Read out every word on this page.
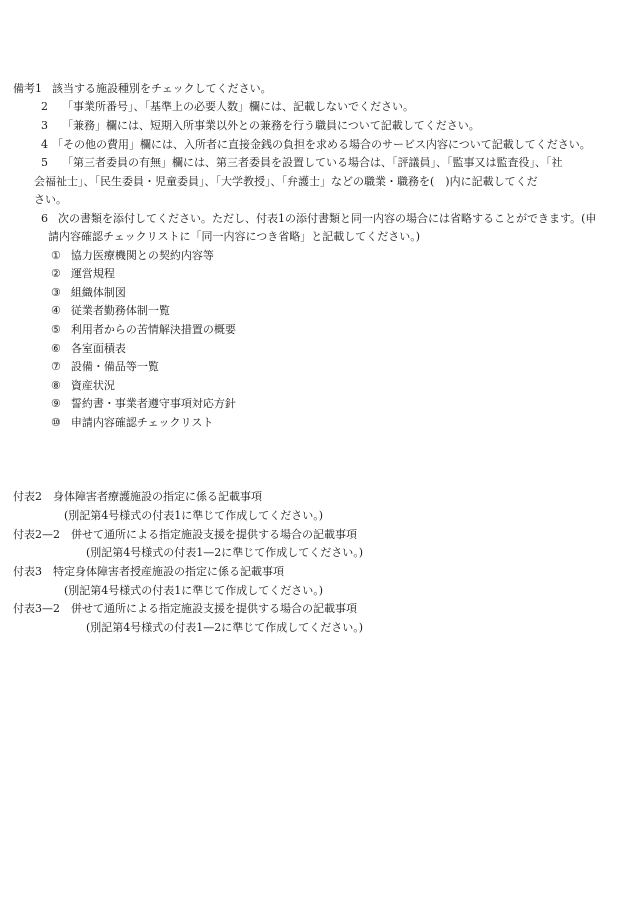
備考1 該当する施設種別をチェックしてください。
2 「事業所番号」、「基準上の必要人数」欄には、記載しないでください。
3 「兼務」欄には、短期入所事業以外との兼務を行う職員について記載してください。
4 「その他の費用」欄には、入所者に直接金銭の負担を求める場合のサービス内容について記載してください。
5 「第三者委員の有無」欄には、第三者委員を設置している場合は、「評議員」、「監事又は監査役」、「社
会福祉士」、「民生委員・児童委員」、「大学教授」、「弁護士」などの職業・職務を(　)内に記載してくだ
さい。
6 次の書類を添付してください。ただし、付表1の添付書類と同一内容の場合には省略することができます。(申
請内容確認チェックリストに「同一内容につき省略」と記載してください。)
① 協力医療機関との契約内容等
② 運営規程
③ 組織体制図
④ 従業者勤務体制一覧
⑤ 利用者からの苦情解決措置の概要
⑥ 各室面積表
⑦ 設備・備品等一覧
⑧ 資産状況
⑨ 誓約書・事業者遵守事項対応方針
⑩ 申請内容確認チェックリスト
付表2　身体障害者療護施設の指定に係る記載事項
(別記第4号様式の付表1に準じて作成してください。)
付表2—2　併せて通所による指定施設支援を提供する場合の記載事項
(別記第4号様式の付表1—2に準じて作成してください。)
付表3　特定身体障害者授産施設の指定に係る記載事項
(別記第4号様式の付表1に準じて作成してください。)
付表3—2　併せて通所による指定施設支援を提供する場合の記載事項
(別記第4号様式の付表1—2に準じて作成してください。)
